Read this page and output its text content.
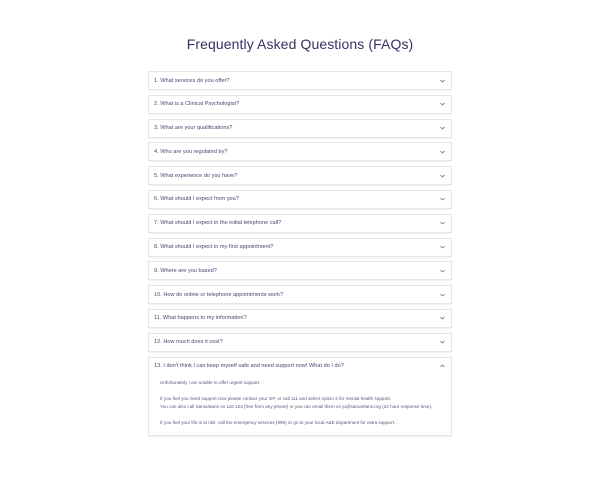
Frequently Asked Questions (FAQs)
1. What services do you offer?
2. What is a Clinical Psychologist?
3. What are your qualifications?
4. Who are you regulated by?
5. What experience do you have?
6. What should I expect from you?
7. What should I expect in the initial telephone call?
8. What should I expect in my first appointment?
9. Where are you based?
10. How do online or telephone appointments work?
11. What happens to my information?
12. How much does it cost?
13. I don't think I can keep myself safe and need support now! What do I do?

Unfortunately I am unable to offer urgent support.

If you feel you need support now please contact your GP, or call 111 and select option 2 for mental health support.

You can also call Samaritans on 116 123 (free from any phone) or you can email them on jo@samaritans.org (24 hour response time).

If you feel your life is at risk, call the emergency services (999) or go to your local A&E department for extra support.
